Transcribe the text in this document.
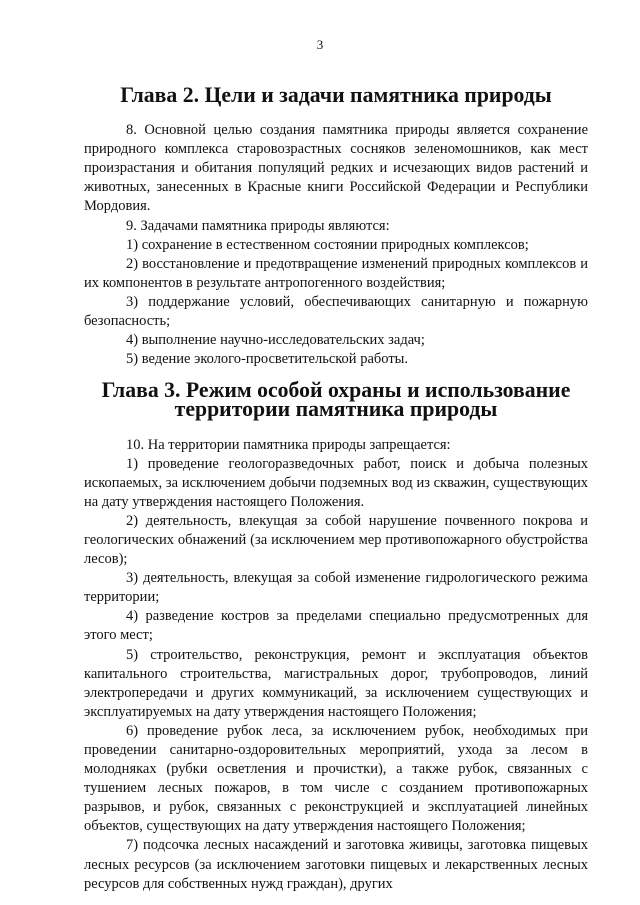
3
Глава 2. Цели и задачи памятника природы

8. Основной целью создания памятника природы является сохранение природного комплекса старовозрастных сосняков зеленомошников, как мест произрастания и обитания популяций редких и исчезающих видов растений и животных, занесенных в Красные книги Российской Федерации и Республики Мордовия.

9. Задачами памятника природы являются:

1) сохранение в естественном состоянии природных комплексов;

2) восстановление и предотвращение изменений природных комплексов и их компонентов в результате антропогенного воздействия;

3) поддержание условий, обеспечивающих санитарную и пожарную безопасность;

4) выполнение научно-исследовательских задач;

5) ведение эколого-просветительской работы.

Глава 3. Режим особой охраны и использование территории памятника природы

10. На территории памятника природы запрещается:

1) проведение геологоразведочных работ, поиск и добыча полезных ископаемых, за исключением добычи подземных вод из скважин, существующих на дату утверждения настоящего Положения.

2) деятельность, влекущая за собой нарушение почвенного покрова и геологических обнажений (за исключением мер противопожарного обустройства лесов);

3) деятельность, влекущая за собой изменение гидрологического режима территории;

4) разведение костров за пределами специально предусмотренных для этого мест;

5) строительство, реконструкция, ремонт и эксплуатация объектов капитального строительства, магистральных дорог, трубопроводов, линий электропередачи и других коммуникаций, за исключением существующих и эксплуатируемых на дату утверждения настоящего Положения;

6) проведение рубок леса, за исключением рубок, необходимых при проведении санитарно-оздоровительных мероприятий, ухода за лесом в молодняках (рубки осветления и прочистки), а также рубок, связанных с тушением лесных пожаров, в том числе с созданием противопожарных разрывов, и рубок, связанных с реконструкцией и эксплуатацией линейных объектов, существующих на дату утверждения настоящего Положения;

7) подсочка лесных насаждений и заготовка живицы, заготовка пищевых лесных ресурсов (за исключением заготовки пищевых и лекарственных лесных ресурсов для собственных нужд граждан), других
